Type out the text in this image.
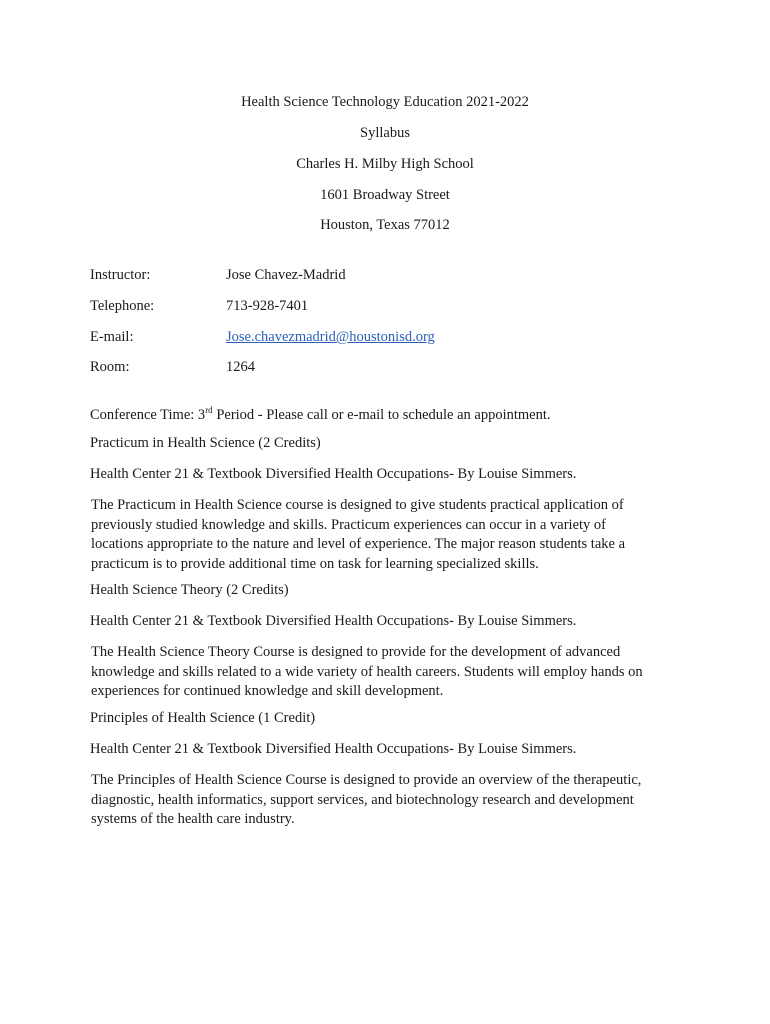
Health Science Technology Education 2021-2022
Syllabus
Charles H. Milby High School
1601 Broadway Street
Houston, Texas 77012
Instructor:	Jose Chavez-Madrid
Telephone:	713-928-7401
E-mail:	Jose.chavezmadrid@houstonisd.org
Room:	1264
Conference Time: 3rd Period - Please call or e-mail to schedule an appointment.
Practicum in Health Science (2 Credits)
Health Center 21 & Textbook Diversified Health Occupations- By Louise Simmers.
The Practicum in Health Science course is designed to give students practical application of
previously studied knowledge and skills. Practicum experiences can occur in a variety of
locations appropriate to the nature and level of experience. The major reason students take a
practicum is to provide additional time on task for learning specialized skills.
Health Science Theory (2 Credits)
Health Center 21 & Textbook Diversified Health Occupations- By Louise Simmers.
The Health Science Theory Course is designed to provide for the development of advanced
knowledge and skills related to a wide variety of health careers. Students will employ hands on
experiences for continued knowledge and skill development.
Principles of Health Science (1 Credit)
Health Center 21 & Textbook Diversified Health Occupations- By Louise Simmers.
The Principles of Health Science Course is designed to provide an overview of the therapeutic,
diagnostic, health informatics, support services, and biotechnology research and development
systems of the health care industry.
